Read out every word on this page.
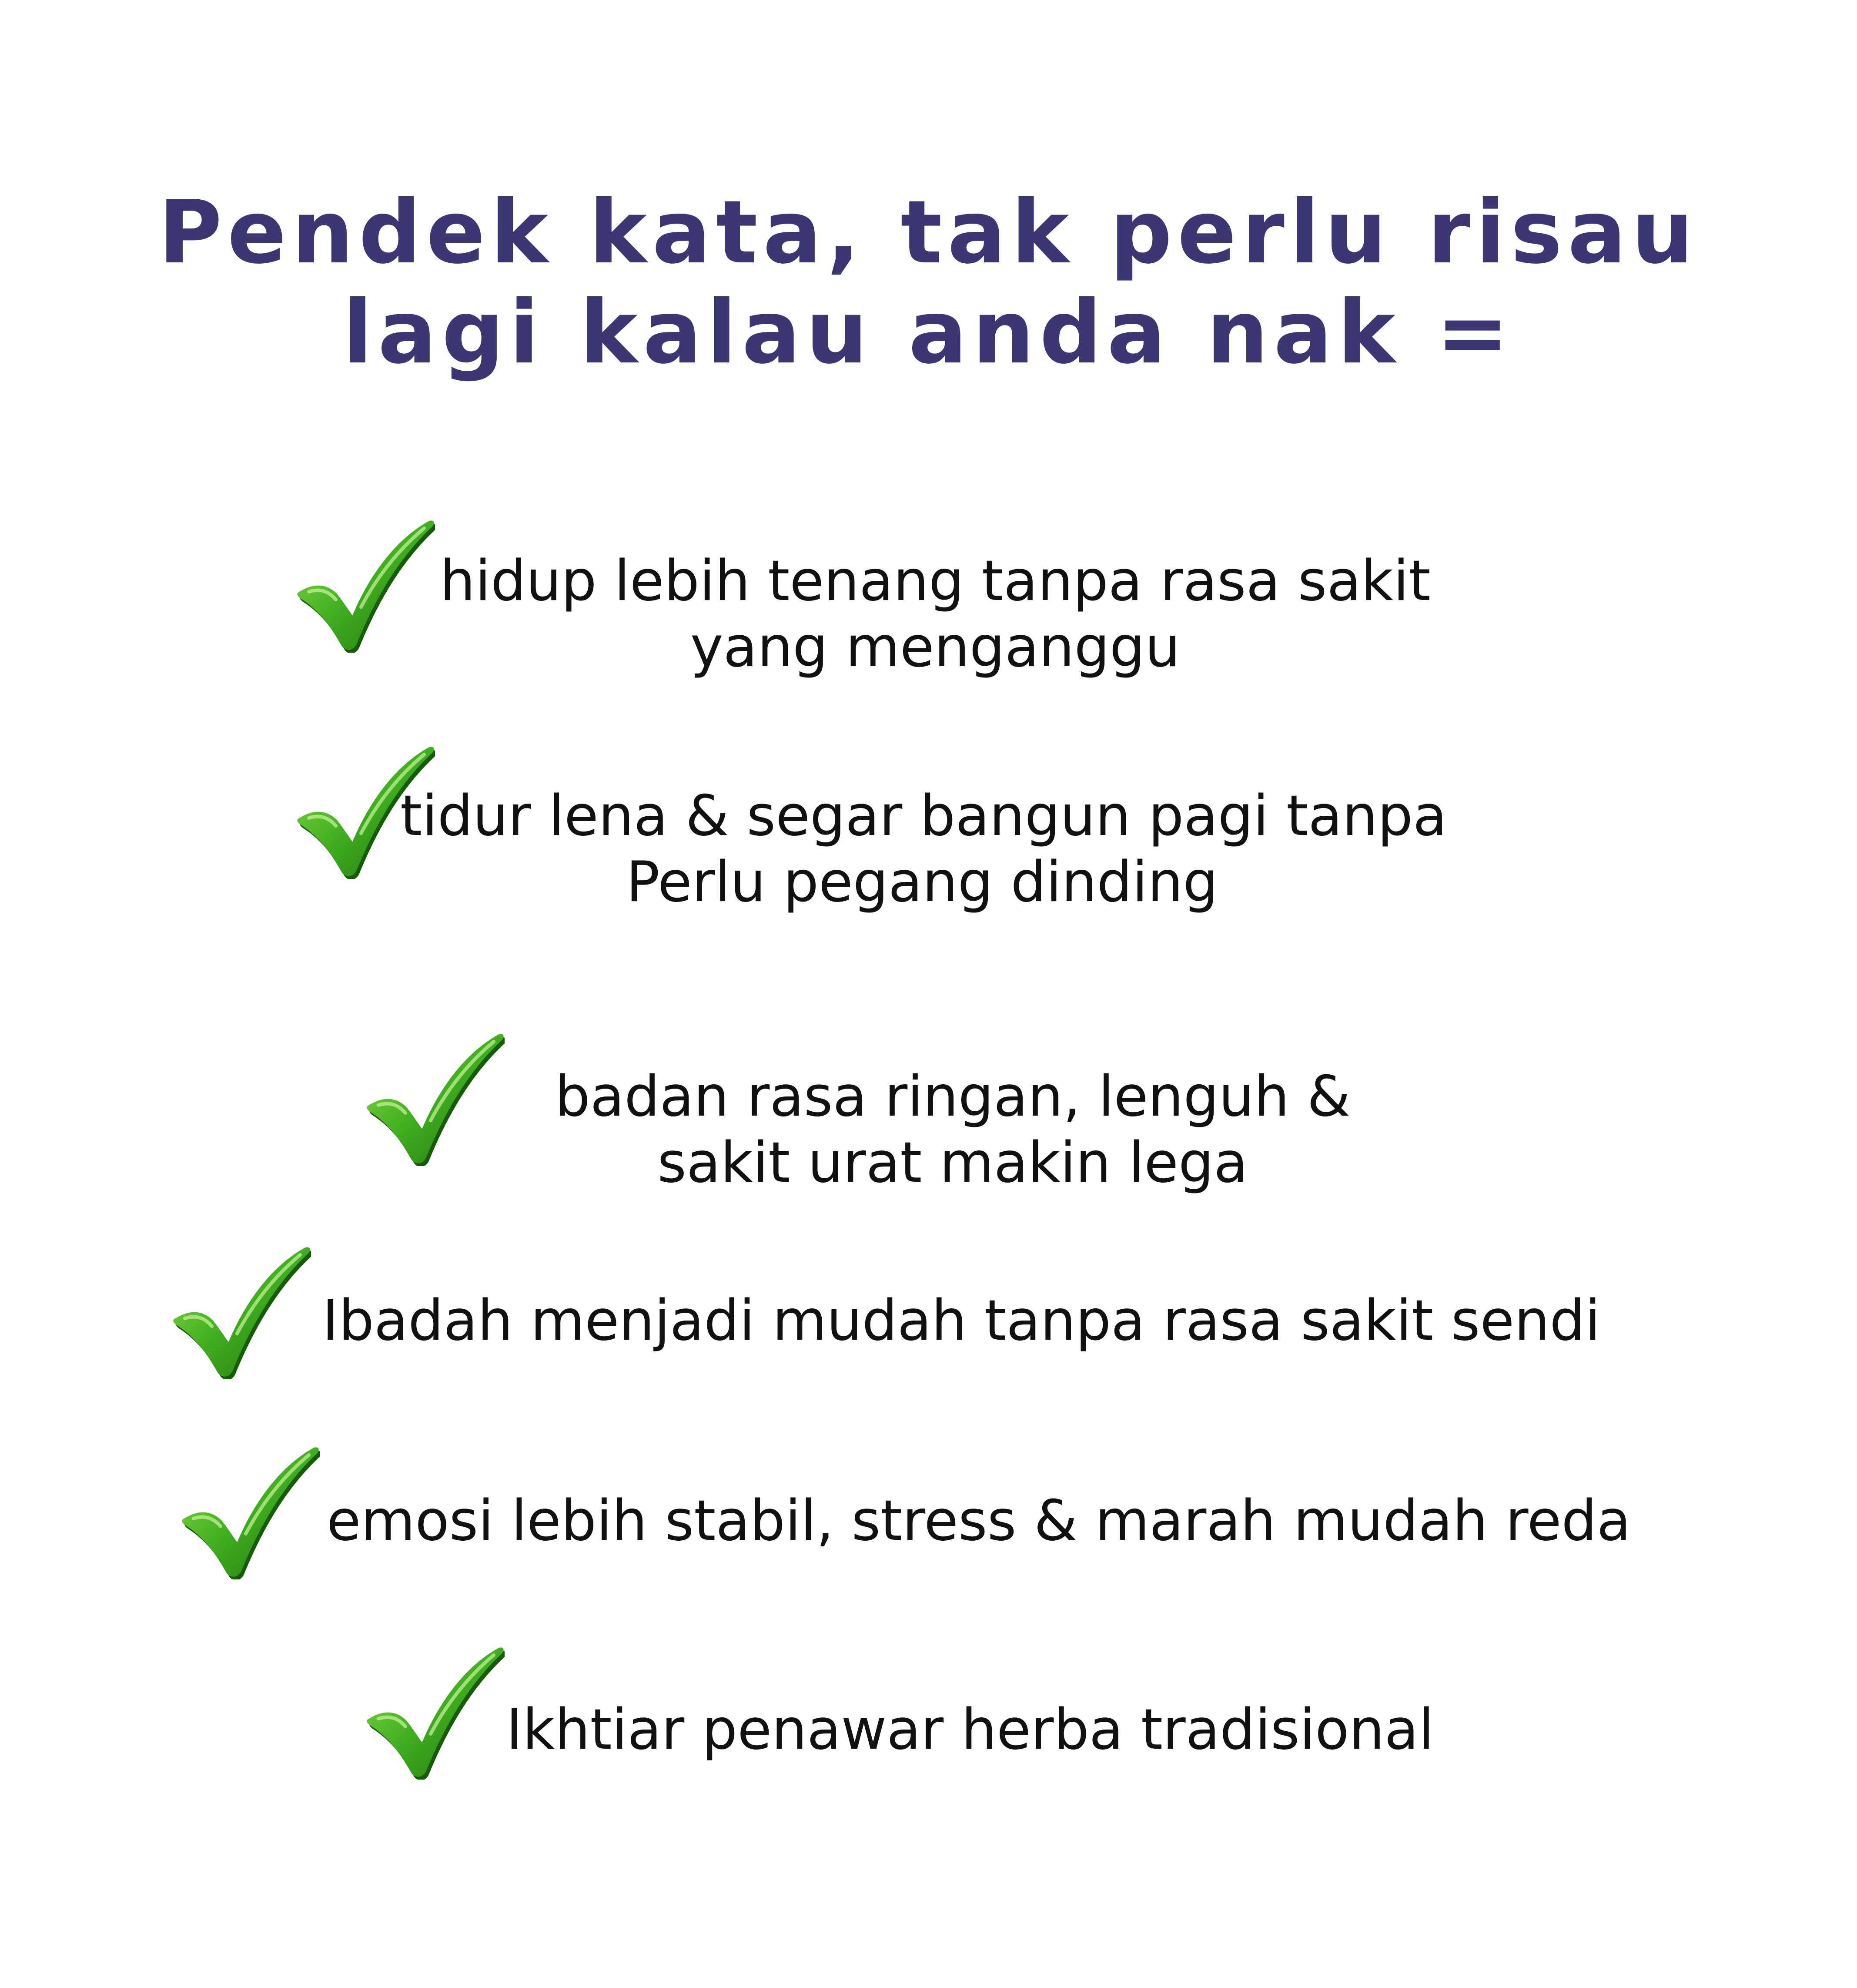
Pendek kata, tak perlu risau
lagi kalau anda nak =
hidup lebih tenang tanpa rasa sakit
yang menganggu
tidur lena & segar bangun pagi tanpa
Perlu pegang dinding
badan rasa ringan, lenguh &
sakit urat makin lega
Ibadah menjadi mudah tanpa rasa sakit sendi
emosi lebih stabil, stress & marah mudah reda
Ikhtiar penawar herba tradisional
